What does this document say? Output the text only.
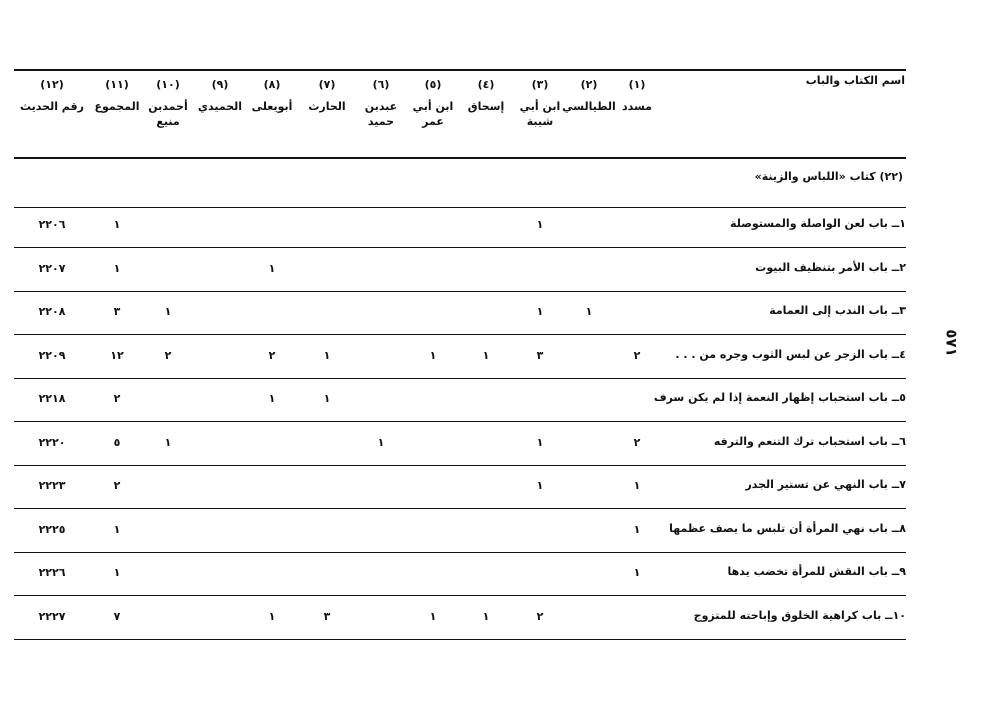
اسم الكتاب والباب
(١)
مسدد
(٢)
الطيالسي
(٣)
ابن أبي
شيبة
(٤)
إسحاق
(٥)
ابن أبي
عمر
(٦)
عبدبن
حميد
(٧)
الحارث
(٨)
أبويعلى
(٩)
الحميدي
(١٠)
أحمدبن
منيع
(١١)
المجموع
(١٢)
رقم الحديث
(٢٢) كتاب «اللباس والزينة»
١ــ باب لعن الواصلة والمستوصلة
١
١
٢٢٠٦
٢ــ باب الأمر بتنظيف البيوت
١
١
٢٢٠٧
٣ــ باب الندب إلى العمامة
١
١
١
٣
٢٢٠٨
٤ــ باب الزجر عن لبس الثوب وجره من . . .
٢
٣
١
١
١
٢
٢
١٢
٢٢٠٩
٥ــ باب استحباب إظهار النعمة إذا لم يكن سرف
١
١
٢
٢٢١٨
٦ــ باب استحباب ترك التنعم والترفه
٢
١
١
١
٥
٢٢٢٠
٧ــ باب النهي عن تستير الجدر
١
١
٢
٢٢٢٣
٨ــ باب نهي المرأة أن تلبس ما يصف عظمها
١
١
٢٢٢٥
٩ــ باب النقش للمرأة تخضب يدها
١
١
٢٢٢٦
١٠ــ باب كراهية الخلوق وإباحته للمتزوج
٢
١
١
٣
١
٧
٢٢٢٧
٥٧١
